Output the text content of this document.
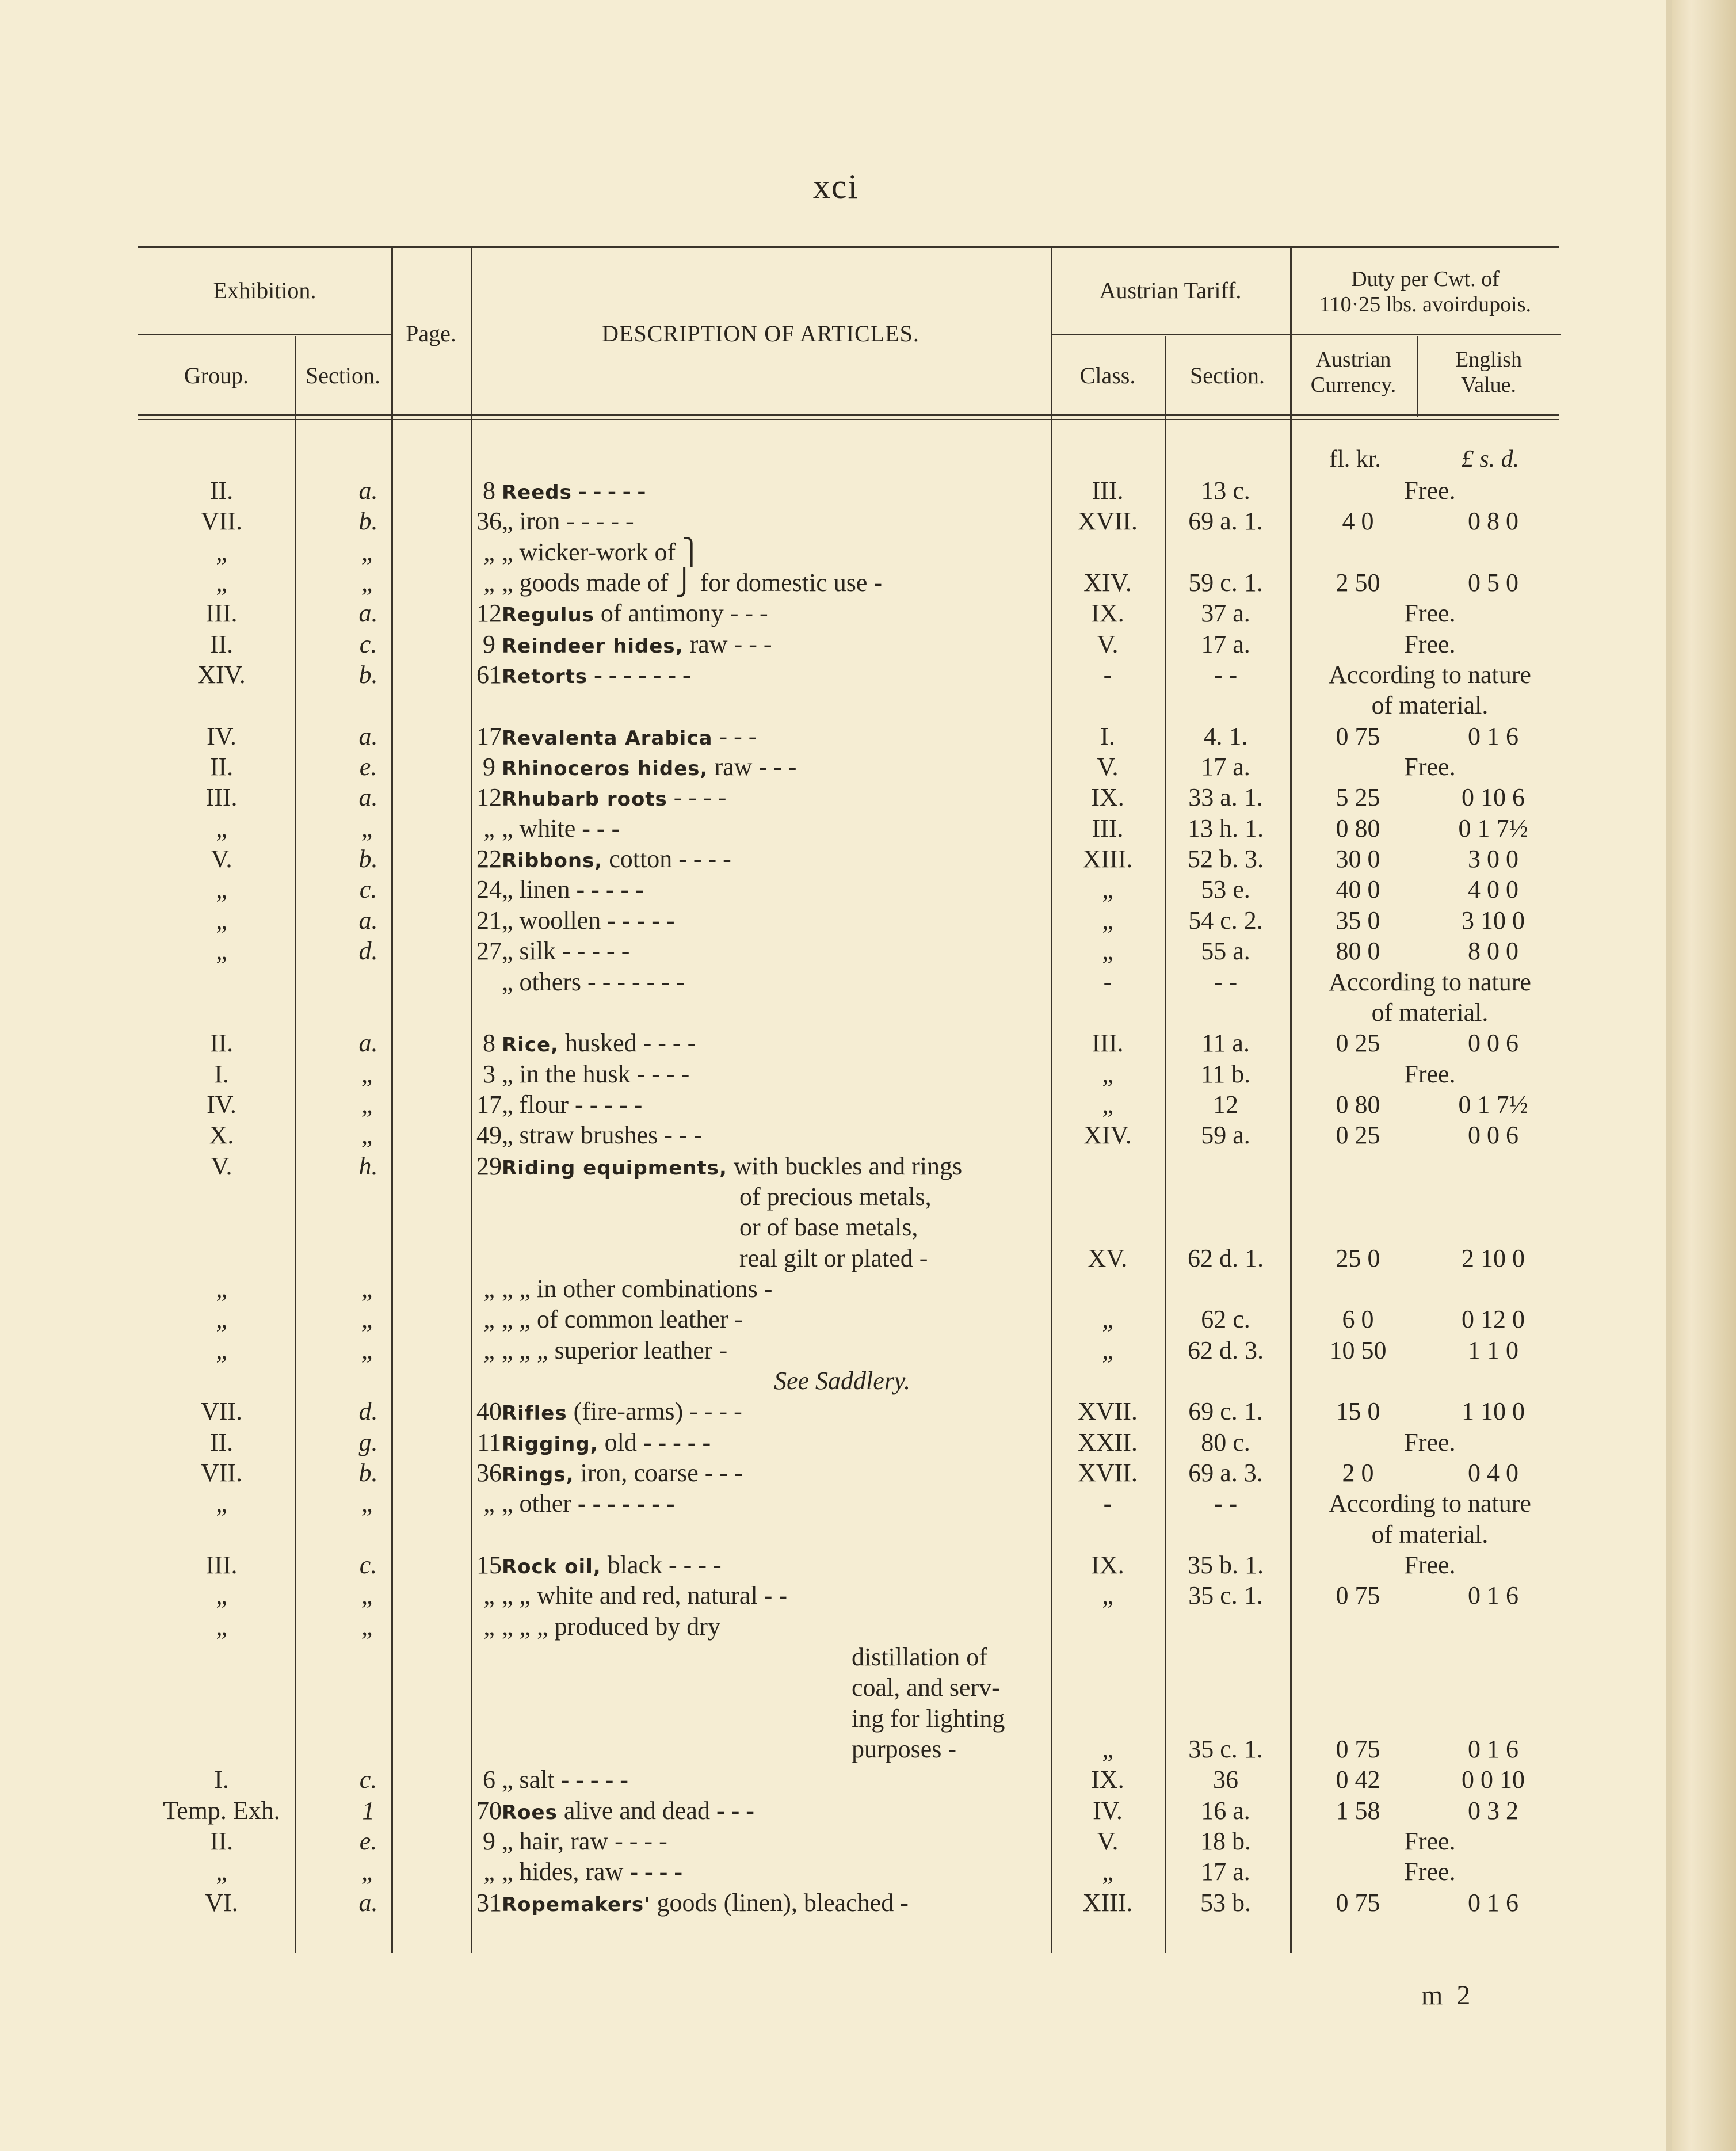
xci
Exhibition.
Group.	Section.
Page.	DESCRIPTION OF ARTICLES.
Austrian Tariff.
Class.	Section.
Duty per Cwt. of
110·25 lbs. avoirdupois.
Austrian
Currency.
English
Value.
fl. kr.	£ s. d.
II.	a.	8 Reeds - - - - -	III.	13 c.	Free.
VII.	b.	36 „ iron - - - - -	XVII.	69 a. 1.	4 0	0 8 0
„	„	„ „ wicker-work of ⎫
„	„	„ „ goods made of ⎭ for domestic use -	XIV.	59 c. 1.	2 50	0 5 0
III.	a.	12 Regulus of antimony - - -	IX.	37 a.	Free.
II.	c.	9 Reindeer hides, raw - - -	V.	17 a.	Free.
XIV.	b.	61 Retorts - - - - - - -	-	- -	According to nature
of material.
IV.	a.	17 Revalenta Arabica - - -	I.	4. 1.	0 75	0 1 6
II.	e.	9 Rhinoceros hides, raw - - -	V.	17 a.	Free.
III.	a.	12 Rhubarb roots - - - -	IX.	33 a. 1.	5 25	0 10 6
„	„	„ „ white - - -	III.	13 h. 1.	0 80	0 1 7½
V.	b.	22 Ribbons, cotton - - - -	XIII.	52 b. 3.	30 0	3 0 0
„	c.	24 „ linen - - - - -	„	53 e.	40 0	4 0 0
„	a.	21 „ woollen - - - - -	„	54 c. 2.	35 0	3 10 0
„	d.	27 „ silk - - - - -	„	55 a.	80 0	8 0 0
„ others - - - - - - -	-	- -	According to nature
of material.
II.	a.	8 Rice, husked - - - -	III.	11 a.	0 25	0 0 6
I.	„	3 „ in the husk - - - -	„	11 b.	Free.
IV.	„	17 „ flour - - - - -	„	12	0 80	0 1 7½
X.	„	49 „ straw brushes - - -	XIV.	59 a.	0 25	0 0 6
V.	h.	29 Riding equipments, with buckles and rings
of precious metals,
or of base metals,
real gilt or plated -	XV.	62 d. 1.	25 0	2 10 0
„	„	„ „ „ in other combinations -
„	„	„ „ „ of common leather -	„	62 c.	6 0	0 12 0
„	„	„ „ „ „ superior leather -	„	62 d. 3.	10 50	1 1 0
See Saddlery.
VII.	d.	40 Rifles (fire-arms) - - - -	XVII.	69 c. 1.	15 0	1 10 0
II.	g.	11 Rigging, old - - - - -	XXII.	80 c.	Free.
VII.	b.	36 Rings, iron, coarse - - -	XVII.	69 a. 3.	2 0	0 4 0
„	„	„ „ other - - - - - - -	-	- -	According to nature
of material.
III.	c.	15 Rock oil, black - - - -	IX.	35 b. 1.	Free.
„	„	„ „ „ white and red, natural - -	„	35 c. 1.	0 75	0 1 6
„	„	„ „ „ „ produced by dry
distillation of
coal, and serv-
ing for lighting
purposes -	„	35 c. 1.	0 75	0 1 6
I.	c.	6 „ salt - - - - -	IX.	36	0 42	0 0 10
Temp. Exh.	1	70 Roes alive and dead - - -	IV.	16 a.	1 58	0 3 2
II.	e.	9 „ hair, raw - - - -	V.	18 b.	Free.
„	„	„ „ hides, raw - - - -	„	17 a.	Free.
VI.	a.	31 Ropemakers' goods (linen), bleached -	XIII.	53 b.	0 75	0 1 6
m 2
